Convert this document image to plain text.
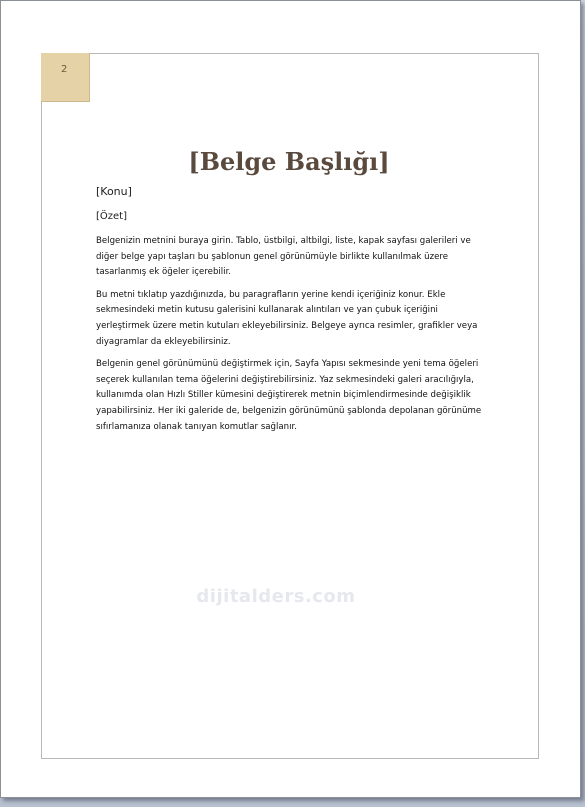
2
[Belge Başlığı]
[Konu]
[Özet]

Belgenizin metnini buraya girin. Tablo, üstbilgi, altbilgi, liste, kapak sayfası galerileri ve diğer belge yapı taşları bu şablonun genel görünümüyle birlikte kullanılmak üzere tasarlanmış ek öğeler içerebilir.

Bu metni tıklatıp yazdığınızda, bu paragrafların yerine kendi içeriğiniz konur. Ekle sekmesindeki metin kutusu galerisini kullanarak alıntıları ve yan çubuk içeriğini yerleştirmek üzere metin kutuları ekleyebilirsiniz. Belgeye ayrıca resimler, grafikler veya diyagramlar da ekleyebilirsiniz.

Belgenin genel görünümünü değiştirmek için, Sayfa Yapısı sekmesinde yeni tema öğeleri seçerek kullanılan tema öğelerini değiştirebilirsiniz. Yaz sekmesindeki galeri aracılığıyla, kullanımda olan Hızlı Stiller kümesini değiştirerek metnin biçimlendirmesinde değişiklik yapabilirsiniz. Her iki galeride de, belgenizin görünümünü şablonda depolanan görünüme sıfırlamanıza olanak tanıyan komutlar sağlanır.

dijitalders.com
